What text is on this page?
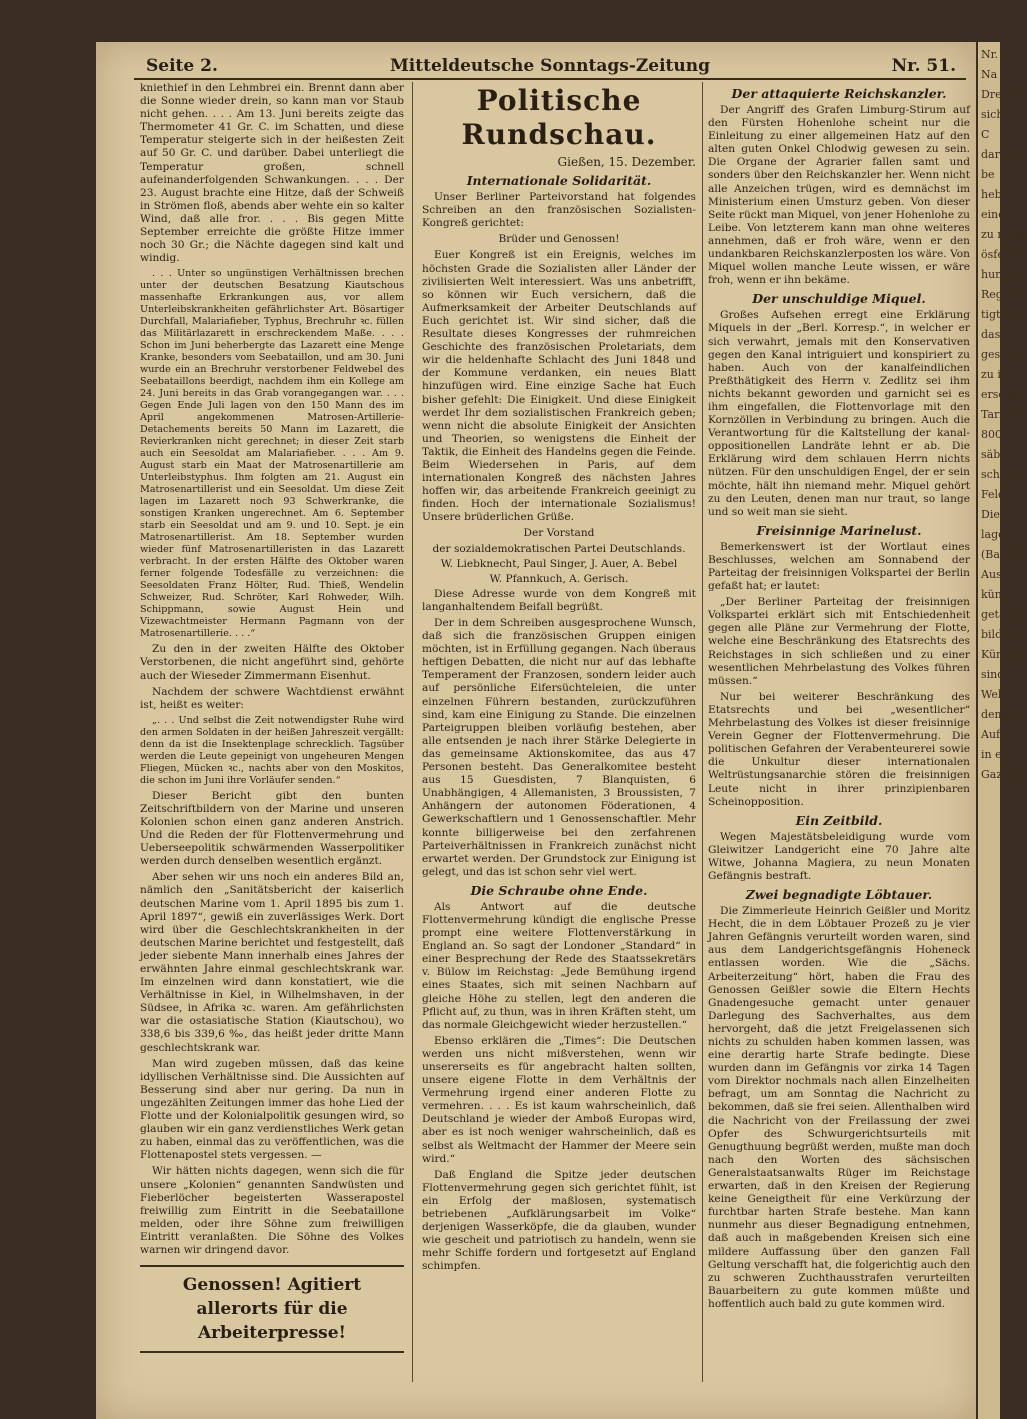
Seite 2.	Mitteldeutsche Sonntags-Zeitung	Nr. 51.

kniethief in den Lehmbrei ein. Brennt dann aber die Sonne wieder drein, so kann man vor Staub nicht gehen. . . . Am 13. Juni bereits zeigte das Thermometer 41 Gr. C. im Schatten, und diese Temperatur steigerte sich in der heißesten Zeit auf 50 Gr. C. und darüber. Dabei unterliegt die Temperatur großen, schnell aufeinanderfolgenden Schwankungen. . . . Der 23. August brachte eine Hitze, daß der Schweiß in Strömen floß, abends aber wehte ein so kalter Wind, daß alle fror. . . . Bis gegen Mitte September erreichte die größte Hitze immer noch 30 Gr.; die Nächte dagegen sind kalt und windig.

. . . Unter so ungünstigen Verhältnissen brechen unter der deutschen Besatzung Kiautschous massenhafte Erkrankungen aus, vor allem Unterleibskrankheiten gefährlichster Art. Bösartiger Durchfall, Malariafieber, Typhus, Brechruhr ꝛc. füllen das Militärlazarett in erschreckendem Maße. . . . Schon im Juni beherbergte das Lazarett eine Menge Kranke, besonders vom Seebataillon, und am 30. Juni wurde ein an Brechruhr verstorbener Feldwebel des Seebataillons beerdigt, nachdem ihm ein Kollege am 24. Juni bereits in das Grab vorangegangen war. . . . Gegen Ende Juli lagen von den 150 Mann des im April angekommenen Matrosen-Artillerie-Detachements bereits 50 Mann im Lazarett, die Revierkranken nicht gerechnet; in dieser Zeit starb auch ein Seesoldat am Malariafieber. . . . Am 9. August starb ein Maat der Matrosenartillerie am Unterleibstyphus. Ihm folgten am 21. August ein Matrosenartillerist und ein Seesoldat. Um diese Zeit lagen im Lazarett noch 93 Schwerkranke, die sonstigen Kranken ungerechnet. Am 6. September starb ein Seesoldat und am 9. und 10. Sept. je ein Matrosenartillerist. Am 18. September wurden wieder fünf Matrosenartilleristen in das Lazarett verbracht. In der ersten Hälfte des Oktober waren ferner folgende Todesfälle zu verzeichnen: die Seesoldaten Franz Hölter, Rud. Thieß, Wendelin Schweizer, Rud. Schröter, Karl Rohweder, Wilh. Schippmann, sowie August Hein und Vizewachtmeister Hermann Pagmann von der Matrosenartillerie. . . .“

Zu den in der zweiten Hälfte des Oktober Verstorbenen, die nicht angeführt sind, gehörte auch der Wieseder Zimmermann Eisenhut.

Nachdem der schwere Wachtdienst erwähnt ist, heißt es weiter:

„. . . Und selbst die Zeit notwendigster Ruhe wird den armen Soldaten in der heißen Jahreszeit vergällt: denn da ist die Insektenplage schrecklich. Tagsüber werden die Leute gepeinigt von ungeheuren Mengen Fliegen, Mücken ꝛc., nachts aber von den Moskitos, die schon im Juni ihre Vorläufer senden.“

Dieser Bericht gibt den bunten Zeitschriftbildern von der Marine und unseren Kolonien schon einen ganz anderen Anstrich. Und die Reden der für Flottenvermehrung und Ueberseepolitik schwärmenden Wasserpolitiker werden durch denselben wesentlich ergänzt.

Aber sehen wir uns noch ein anderes Bild an, nämlich den „Sanitätsbericht der kaiserlich deutschen Marine vom 1. April 1895 bis zum 1. April 1897“, gewiß ein zuverlässiges Werk. Dort wird über die Geschlechtskrankheiten in der deutschen Marine berichtet und festgestellt, daß jeder siebente Mann innerhalb eines Jahres der erwähnten Jahre einmal geschlechtskrank war. Im einzelnen wird dann konstatiert, wie die Verhältnisse in Kiel, in Wilhelmshaven, in der Südsee, in Afrika ꝛc. waren. Am gefährlichsten war die ostasiatische Station (Kiautschou), wo 338,6 bis 339,6 ‰, das heißt jeder dritte Mann geschlechtskrank war.

Man wird zugeben müssen, daß das keine idyllischen Verhältnisse sind. Die Aussichten auf Besserung sind aber nur gering. Da nun in ungezählten Zeitungen immer das hohe Lied der Flotte und der Kolonialpolitik gesungen wird, so glauben wir ein ganz verdienstliches Werk getan zu haben, einmal das zu veröffentlichen, was die Flottenapostel stets vergessen. —

Wir hätten nichts dagegen, wenn sich die für unsere „Kolonien“ genannten Sandwüsten und Fieberlöcher begeisterten Wasserapostel freiwillig zum Eintritt in die Seebataillone melden, oder ihre Söhne zum freiwilligen Eintritt veranlaßten. Die Söhne des Volkes warnen wir dringend davor.

Genossen! Agitiert allerorts für die Arbeiterpresse!
Politische Rundschau.
Gießen, 15. Dezember.
Internationale Solidarität.

Unser Berliner Parteivorstand hat folgendes Schreiben an den französischen Sozialisten-Kongreß gerichtet:

Brüder und Genossen!

Euer Kongreß ist ein Ereignis, welches im höchsten Grade die Sozialisten aller Länder der zivilisierten Welt interessiert. Was uns anbetrifft, so können wir Euch versichern, daß die Aufmerksamkeit der Arbeiter Deutschlands auf Euch gerichtet ist. Wir sind sicher, daß die Resultate dieses Kongresses der ruhmreichen Geschichte des französischen Proletariats, dem wir die heldenhafte Schlacht des Juni 1848 und der Kommune verdanken, ein neues Blatt hinzufügen wird. Eine einzige Sache hat Euch bisher gefehlt: Die Einigkeit. Und diese Einigkeit werdet Ihr dem sozialistischen Frankreich geben; wenn nicht die absolute Einigkeit der Ansichten und Theorien, so wenigstens die Einheit der Taktik, die Einheit des Handelns gegen die Feinde. Beim Wiedersehen in Paris, auf dem internationalen Kongreß des nächsten Jahres hoffen wir, das arbeitende Frankreich geeinigt zu finden. Hoch der internationale Sozialismus! Unsere brüderlichen Grüße.

Der Vorstand
der sozialdemokratischen Partei Deutschlands.
W. Liebknecht, Paul Singer, J. Auer, A. Bebel
W. Pfannkuch, A. Gerisch.

Diese Adresse wurde von dem Kongreß mit langanhaltendem Beifall begrüßt.

Der in dem Schreiben ausgesprochene Wunsch, daß sich die französischen Gruppen einigen möchten, ist in Erfüllung gegangen. Nach überaus heftigen Debatten, die nicht nur auf das lebhafte Temperament der Franzosen, sondern leider auch auf persönliche Eifersüchteleien, die unter einzelnen Führern bestanden, zurückzuführen sind, kam eine Einigung zu Stande. Die einzelnen Parteigruppen bleiben vorläufig bestehen, aber alle entsenden je nach ihrer Stärke Delegierte in das gemeinsame Aktionskomitee, das aus 47 Personen besteht. Das Generalkomitee besteht aus 15 Guesdisten, 7 Blanquisten, 6 Unabhängigen, 4 Allemanisten, 3 Broussisten, 7 Anhängern der autonomen Föderationen, 4 Gewerkschaftlern und 1 Genossenschaftler. Mehr konnte billigerweise bei den zerfahrenen Parteiverhältnissen in Frankreich zunächst nicht erwartet werden. Der Grundstock zur Einigung ist gelegt, und das ist schon sehr viel wert.

Die Schraube ohne Ende.

Als Antwort auf die deutsche Flottenvermehrung kündigt die englische Presse prompt eine weitere Flottenverstärkung in England an. So sagt der Londoner „Standard“ in einer Besprechung der Rede des Staatssekretärs v. Bülow im Reichstag: „Jede Bemühung irgend eines Staates, sich mit seinen Nachbarn auf gleiche Höhe zu stellen, legt den anderen die Pflicht auf, zu thun, was in ihren Kräften steht, um das normale Gleichgewicht wieder herzustellen.“

Ebenso erklären die „Times“: Die Deutschen werden uns nicht mißverstehen, wenn wir unsererseits es für angebracht halten sollten, unsere eigene Flotte in dem Verhältnis der Vermehrung irgend einer anderen Flotte zu vermehren. . . . Es ist kaum wahrscheinlich, daß Deutschland je wieder der Amboß Europas wird, aber es ist noch weniger wahrscheinlich, daß es selbst als Weltmacht der Hammer der Meere sein wird.“

Daß England die Spitze jeder deutschen Flottenvermehrung gegen sich gerichtet fühlt, ist ein Erfolg der maßlosen, systematisch betriebenen „Aufklärungsarbeit im Volke“ derjenigen Wasserköpfe, die da glauben, wunder wie gescheit und patriotisch zu handeln, wenn sie mehr Schiffe fordern und fortgesetzt auf England schimpfen.

Der attaquierte Reichskanzler.

Der Angriff des Grafen Limburg-Stirum auf den Fürsten Hohenlohe scheint nur die Einleitung zu einer allgemeinen Hatz auf den alten guten Onkel Chlodwig gewesen zu sein. Die Organe der Agrarier fallen samt und sonders über den Reichskanzler her. Wenn nicht alle Anzeichen trügen, wird es demnächst im Ministerium einen Umsturz geben. Von dieser Seite rückt man Miquel, von jener Hohenlohe zu Leibe. Von letzterem kann man ohne weiteres annehmen, daß er froh wäre, wenn er den undankbaren Reichskanzlerposten los wäre. Von Miquel wollen manche Leute wissen, er wäre froh, wenn er ihn bekäme.

Der unschuldige Miquel.

Großes Aufsehen erregt eine Erklärung Miquels in der „Berl. Korresp.“, in welcher er sich verwahrt, jemals mit den Konservativen gegen den Kanal intriguiert und konspiriert zu haben. Auch von der kanalfeindlichen Preßthätigkeit des Herrn v. Zedlitz sei ihm nichts bekannt geworden und garnicht sei es ihm eingefallen, die Flottenvorlage mit den Kornzöllen in Verbindung zu bringen. Auch die Verantwortung für die Kaltstellung der kanal-oppositionellen Landräte lehnt er ab. Die Erklärung wird dem schlauen Herrn nichts nützen. Für den unschuldigen Engel, der er sein möchte, hält ihn niemand mehr. Miquel gehört zu den Leuten, denen man nur traut, so lange und so weit man sie sieht.

Freisinnige Marinelust.

Bemerkenswert ist der Wortlaut eines Beschlusses, welchen am Sonnabend der Parteitag der freisinnigen Volkspartei der Berlin gefaßt hat; er lautet:

„Der Berliner Parteitag der freisinnigen Volkspartei erklärt sich mit Entschiedenheit gegen alle Pläne zur Vermehrung der Flotte, welche eine Beschränkung des Etatsrechts des Reichstages in sich schließen und zu einer wesentlichen Mehrbelastung des Volkes führen müssen.“

Nur bei weiterer Beschränkung des Etatsrechts und bei „wesentlicher“ Mehrbelastung des Volkes ist dieser freisinnige Verein Gegner der Flottenvermehrung. Die politischen Gefahren der Verabenteurerei sowie die Unkultur dieser internationalen Weltrüstungsanarchie stören die freisinnigen Leute nicht in ihrer prinzipienbaren Scheinopposition.

Ein Zeitbild.

Wegen Majestätsbeleidigung wurde vom Gleiwitzer Landgericht eine 70 Jahre alte Witwe, Johanna Magiera, zu neun Monaten Gefängnis bestraft.

Zwei begnadigte Löbtauer.

Die Zimmerleute Heinrich Geißler und Moritz Hecht, die in dem Löbtauer Prozeß zu je vier Jahren Gefängnis verurteilt worden waren, sind aus dem Landgerichtsgefängnis Hoheneck entlassen worden. Wie die „Sächs. Arbeiterzeitung“ hört, haben die Frau des Genossen Geißler sowie die Eltern Hechts Gnadengesuche gemacht unter genauer Darlegung des Sachverhaltes, aus dem hervorgeht, daß die jetzt Freigelassenen sich nichts zu schulden haben kommen lassen, was eine derartig harte Strafe bedingte. Diese wurden dann im Gefängnis vor zirka 14 Tagen vom Direktor nochmals nach allen Einzelheiten befragt, um am Sonntag die Nachricht zu bekommen, daß sie frei seien. Allenthalben wird die Nachricht von der Freilassung der zwei Opfer des Schwurgerichtsurteils mit Genugthuung begrüßt werden, mußte man doch nach den Worten des sächsischen Generalstaatsanwalts Rüger im Reichstage erwarten, daß in den Kreisen der Regierung keine Geneigtheit für eine Verkürzung der furchtbar harten Strafe bestehe. Man kann nunmehr aus dieser Begnadigung entnehmen, daß auch in maßgebenden Kreisen sich eine mildere Auffassung über den ganzen Fall Geltung verschafft hat, die folgerichtig auch den zu schweren Zuchthausstrafen verurteilten Bauarbeitern zu gute kommen müßte und hoffentlich auch bald zu gute kommen wird.

Nr. 5
Na
Dreißi
sicht ,
C
darzuth
be
hebe.
einen
zu mehr
ösfent
hunde
Regier
tigten
das i
gesetz
zu im
ersolg
Tariff
8000
säbel
schwe
Feldk
Die
lagen
(Bandh
Aus
künft
getauch
bilden.
Künftle
sind
Welti
demokr
Aufer
in e
Gazette
